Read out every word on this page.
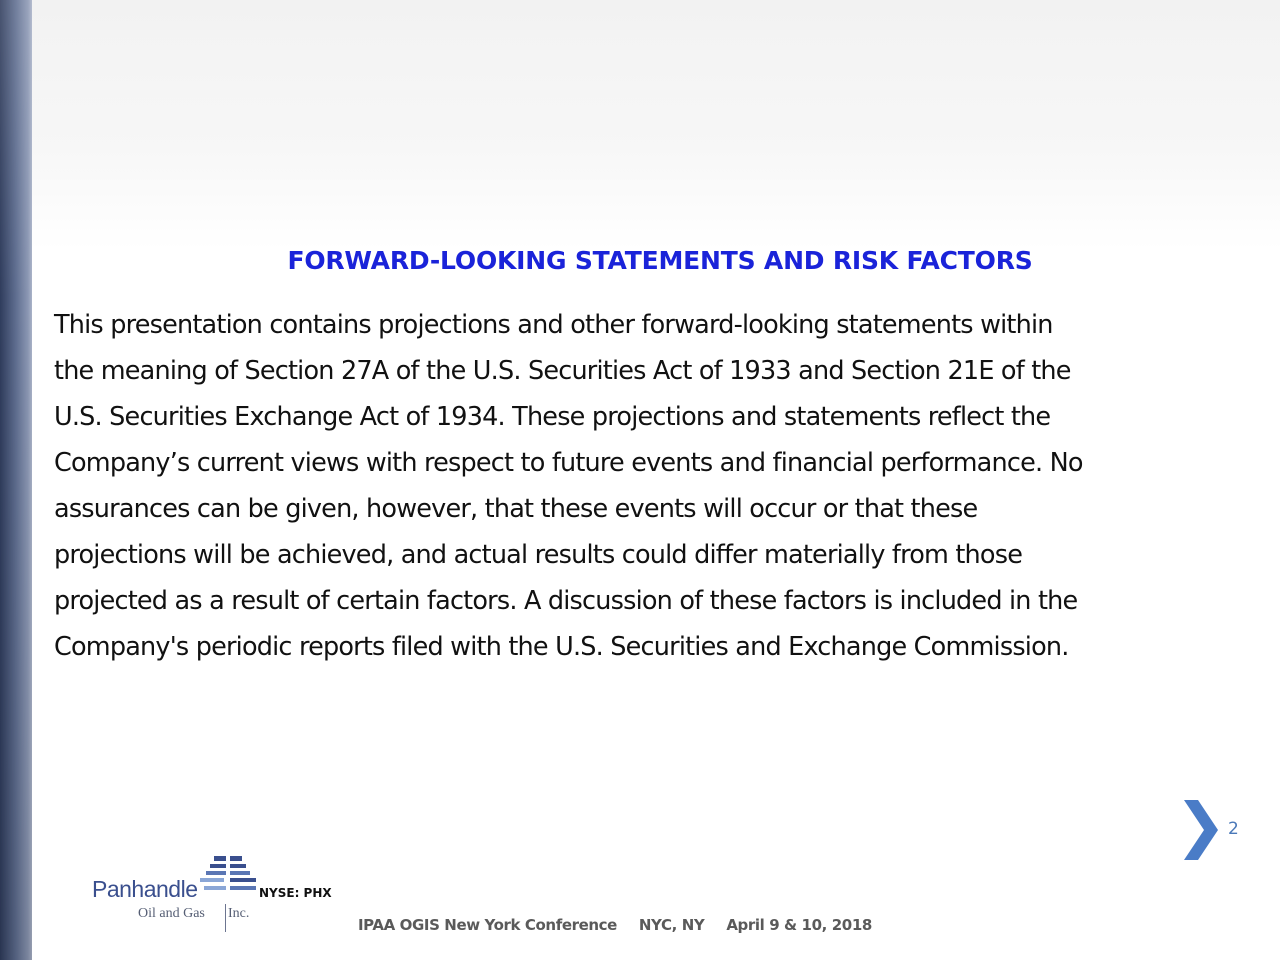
FORWARD-LOOKING STATEMENTS AND RISK FACTORS
This presentation contains projections and other forward-looking statements within
the meaning of Section 27A of the U.S. Securities Act of 1933 and Section 21E of the
U.S. Securities Exchange Act of 1934. These projections and statements reflect the
Company’s current views with respect to future events and financial performance. No
assurances can be given, however, that these events will occur or that these
projections will be achieved, and actual results could differ materially from those
projected as a result of certain factors. A discussion of these factors is included in the
Company's periodic reports filed with the U.S. Securities and Exchange Commission.
2
Panhandle
Oil and Gas Inc.
NYSE: PHX
IPAA OGIS New York Conference NYC, NY April 9 & 10, 2018
